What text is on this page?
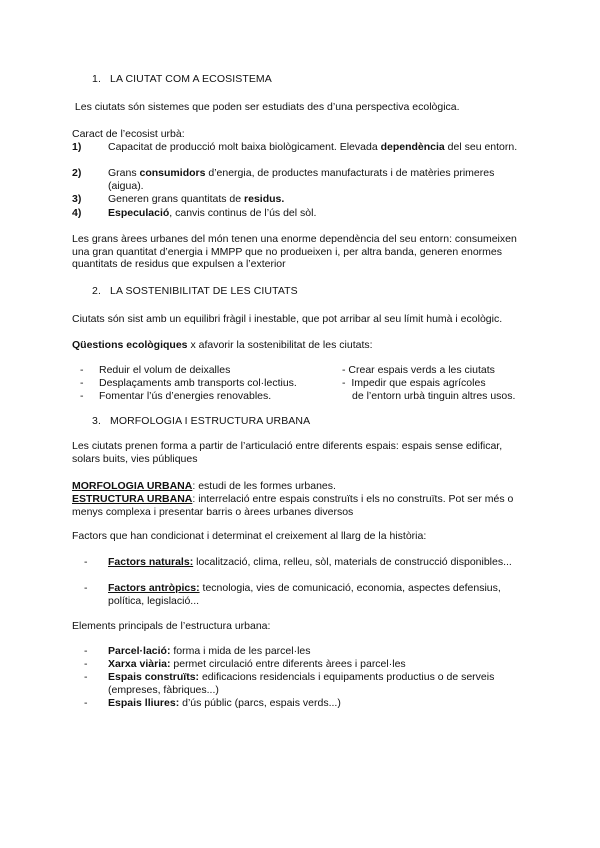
1. LA CIUTAT COM A ECOSISTEMA

Les ciutats són sistemes que poden ser estudiats des d’una perspectiva ecològica.

Caract de l’ecosist urbà:

1)	Capacitat de producció molt baixa biològicament. Elevada dependència del seu entorn.
2)	Grans consumidors d’energia, de productes manufacturats i de matèries primeres (aigua).
3)	Generen grans quantitats de residus.
4)	Especulació, canvis continus de l’ús del sòl.

Les grans àrees urbanes del món tenen una enorme dependència del seu entorn: consumeixen una gran quantitat d’energia i MMPP que no produeixen i, per altra banda, generen enormes quantitats de residus que expulsen a l’exterior

2. LA SOSTENIBILITAT DE LES CIUTATS

Ciutats són sist amb un equilibri fràgil i inestable, que pot arribar al seu límit humà i ecològic.

Qüestions ecològiques x afavorir la sostenibilitat de les ciutats:

- Reduir el volum de deixalles
- Desplaçaments amb transports col·lectius.
- Fomentar l’ús d’energies renovables.
- Crear espais verds a les ciutats
-  Impedir que espais agrícoles
de l’entorn urbà tinguin altres usos.
3. MORFOLOGIA I ESTRUCTURA URBANA

Les ciutats prenen forma a partir de l’articulació entre diferents espais: espais sense edificar, solars buits, vies públiques

MORFOLOGIA URBANA: estudi de les formes urbanes.

ESTRUCTURA URBANA: interrelació entre espais construïts i els no construïts. Pot ser més o menys complexa i presentar barris o àrees urbanes diversos

Factors que han condicionat i determinat el creixement al llarg de la història:

- Factors naturals: localització, clima, relleu, sòl, materials de construcció disponibles...
- Factors antròpics: tecnologia, vies de comunicació, economia, aspectes defensius, política, legislació...

Elements principals de l’estructura urbana:

- Parcel·lació: forma i mida de les parcel·les
- Xarxa viària: permet circulació entre diferents àrees i parcel·les
- Espais construïts: edificacions residencials i equipaments productius o de serveis (empreses, fàbriques...)
- Espais lliures: d’ús públic (parcs, espais verds...)
